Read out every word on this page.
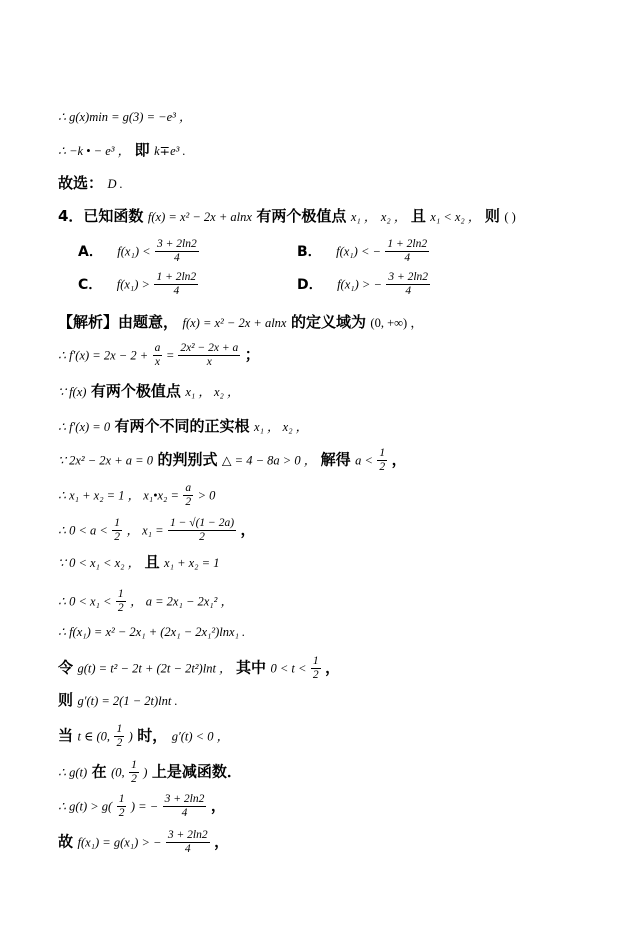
∴ g(x)min = g(3) = −e³ ，
∴ −k • − e³ ， 即 k∓e³ .
故选： D .
4．已知函数 f(x) = x² − 2x + alnx 有两个极值点 x₁ ， x₂ ， 且 x₁ < x₂ ， 则 ( )
A． $f(x_1) < \frac{3 + 2\ln 2}{4}$	B． f(x₁) < − $\frac{1 + 2\ln 2}{4}$
C． $f(x_1) > \frac{1 + 2\ln 2}{4}$	D． f(x₁) > − $\frac{3 + 2\ln 2}{4}$
【解析】由题意， f(x) = x² − 2x + alnx 的定义域为 (0, +∞) ，
∴ $f'(x) = 2x - 2 + \frac{a}{x} = \frac{\text{2x² − 2x + a}}{x}$ ；
∵ f(x) 有两个极值点 x₁ ， x₂ ，
∴ f′(x) = 0 有两个不同的正实根 x₁ ， x₂ ，
∵ 2x² − 2x + a = 0 的判别式 △ = 4 − 8a > 0 ， 解得 $a < \frac{1}{2}$ ，
∴ x₁ + x₂ = 1 ， x₁•x₂ = $\frac{a}{2} > 0$
∴ $0 < a < \frac{1}{2}$ ， $x_1 = \frac{1 - √(1 - 2a)}{2}$ ，
∵ 0 < x₁ < x₂ ， 且 x₁ + x₂ = 1
∴ $0 < x_1 < \frac{1}{2}$ ， a = 2x₁ − 2x₁² ，
∴ f(x₁) = x² − 2x₁ + (2x₁ − 2x₁²)lnx₁ .
令 g(t) = t² − 2t + (2t − 2t²)lnt ， 其中 $0 < t < \frac{1}{2}$ ，
则 g′(t) = 2(1 − 2t)lnt .
当 t ∈ (0, $\frac{1}{2}$ ) 时， g′(t) < 0 ，
∴ g(t) 在 (0, $\frac{1}{2}$ ) 上是减函数．
∴ $g(t) > g( \frac{1}{2}$ ) = − $\frac{3 + 2\ln 2}{4}$ ，
故 f(x₁) = g(x₁) > − $\frac{3 + 2\ln 2}{4}$ ，
